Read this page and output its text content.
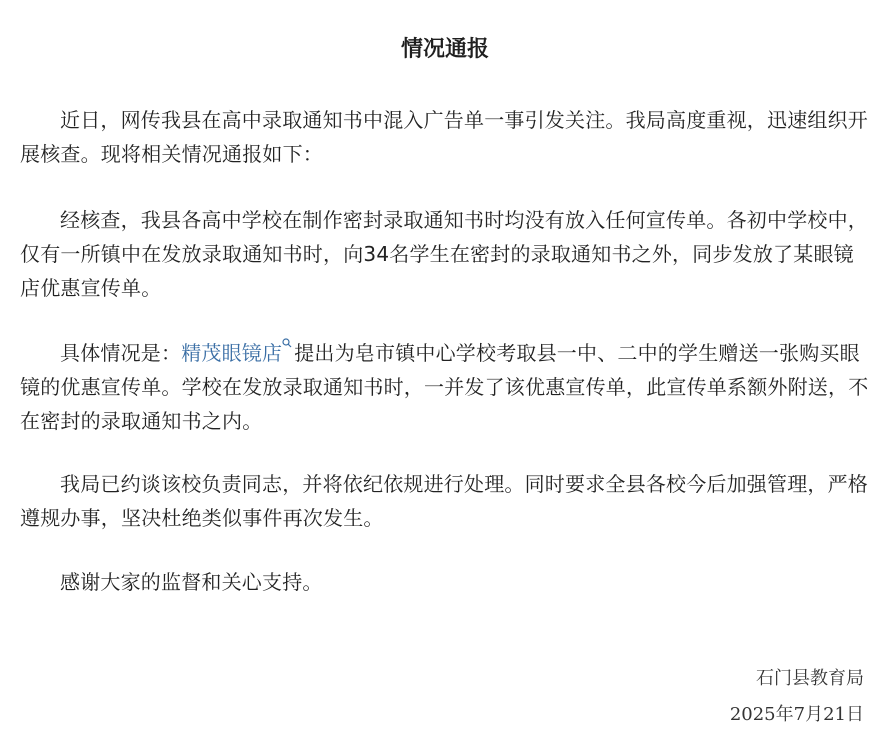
情况通报

近日，网传我县在高中录取通知书中混入广告单一事引发关注。我局高度重视，迅速组织开展核查。现将相关情况通报如下：

经核查，我县各高中学校在制作密封录取通知书时均没有放入任何宣传单。各初中学校中，仅有一所镇中在发放录取通知书时，向34名学生在密封的录取通知书之外，同步发放了某眼镜店优惠宣传单。

具体情况是：精茂眼镜店 提出为皂市镇中心学校考取县一中、二中的学生赠送一张购买眼镜的优惠宣传单。学校在发放录取通知书时，一并发了该优惠宣传单，此宣传单系额外附送，不在密封的录取通知书之内。

我局已约谈该校负责同志，并将依纪依规进行处理。同时要求全县各校今后加强管理，严格遵规办事，坚决杜绝类似事件再次发生。

感谢大家的监督和关心支持。

石门县教育局
2025年7月21日
